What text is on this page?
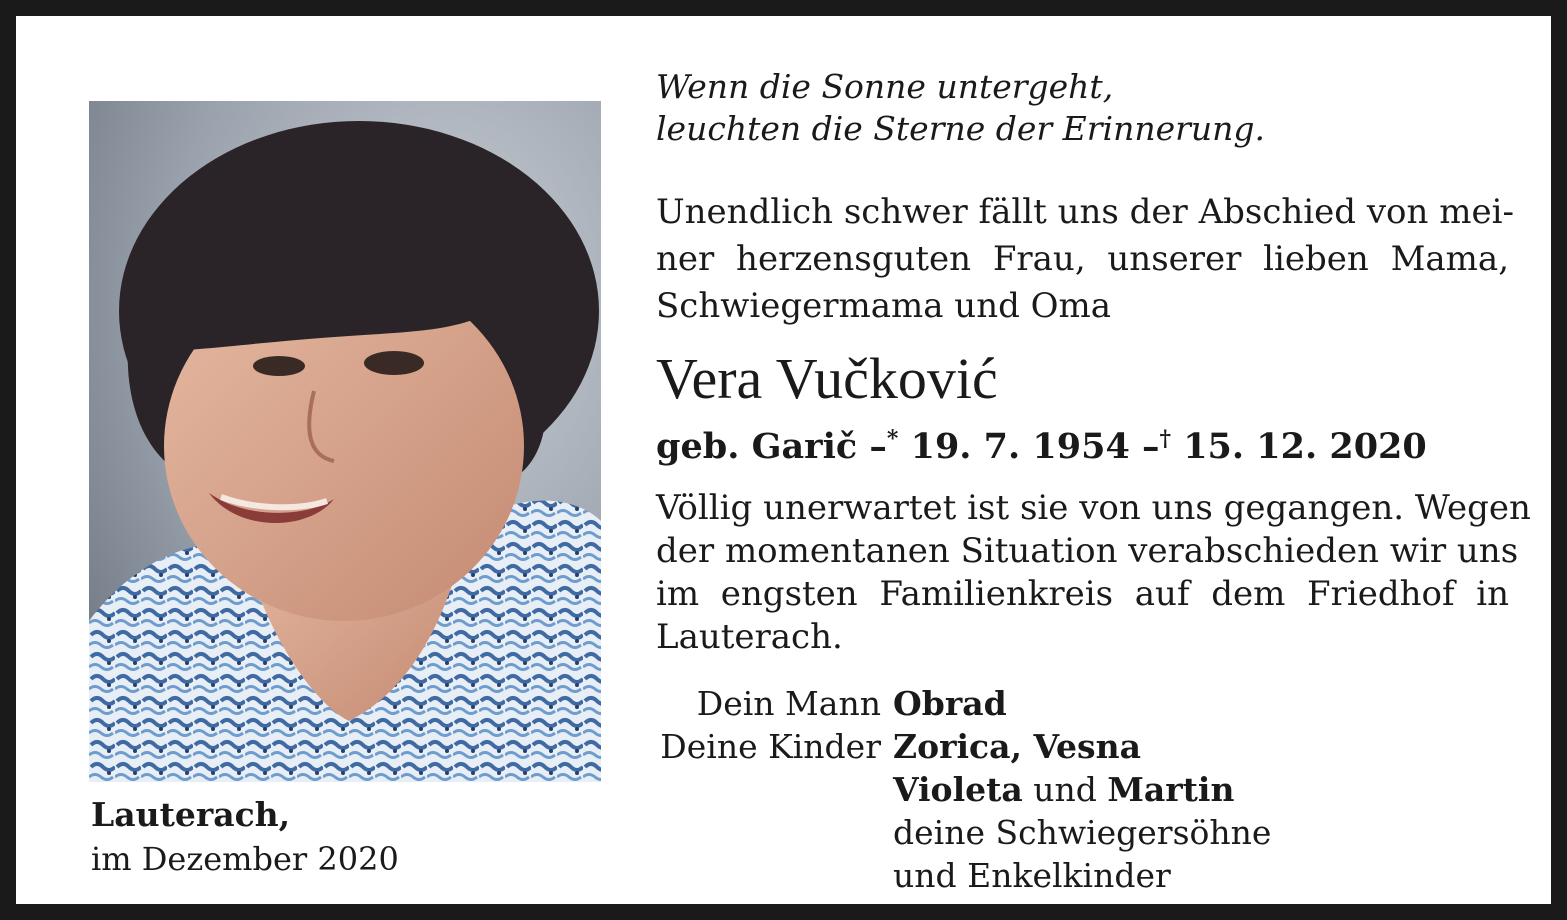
Lauterach,
im Dezember 2020
Wenn die Sonne untergeht,
leuchten die Sterne der Erinnerung.
Unendlich schwer fällt uns der Abschied von mei-
ner herzensguten Frau, unserer lieben Mama,
Schwiegermama und Oma
Vera Vučković
geb. Garič –* 19. 7. 1954 –† 15. 12. 2020
Völlig unerwartet ist sie von uns gegangen. Wegen
der momentanen Situation verabschieden wir uns
im engsten Familienkreis auf dem Friedhof in
Lauterach.
Dein Mann
Deine Kinder
Obrad
Zorica, Vesna
Violeta und Martin
deine Schwiegersöhne
und Enkelkinder
